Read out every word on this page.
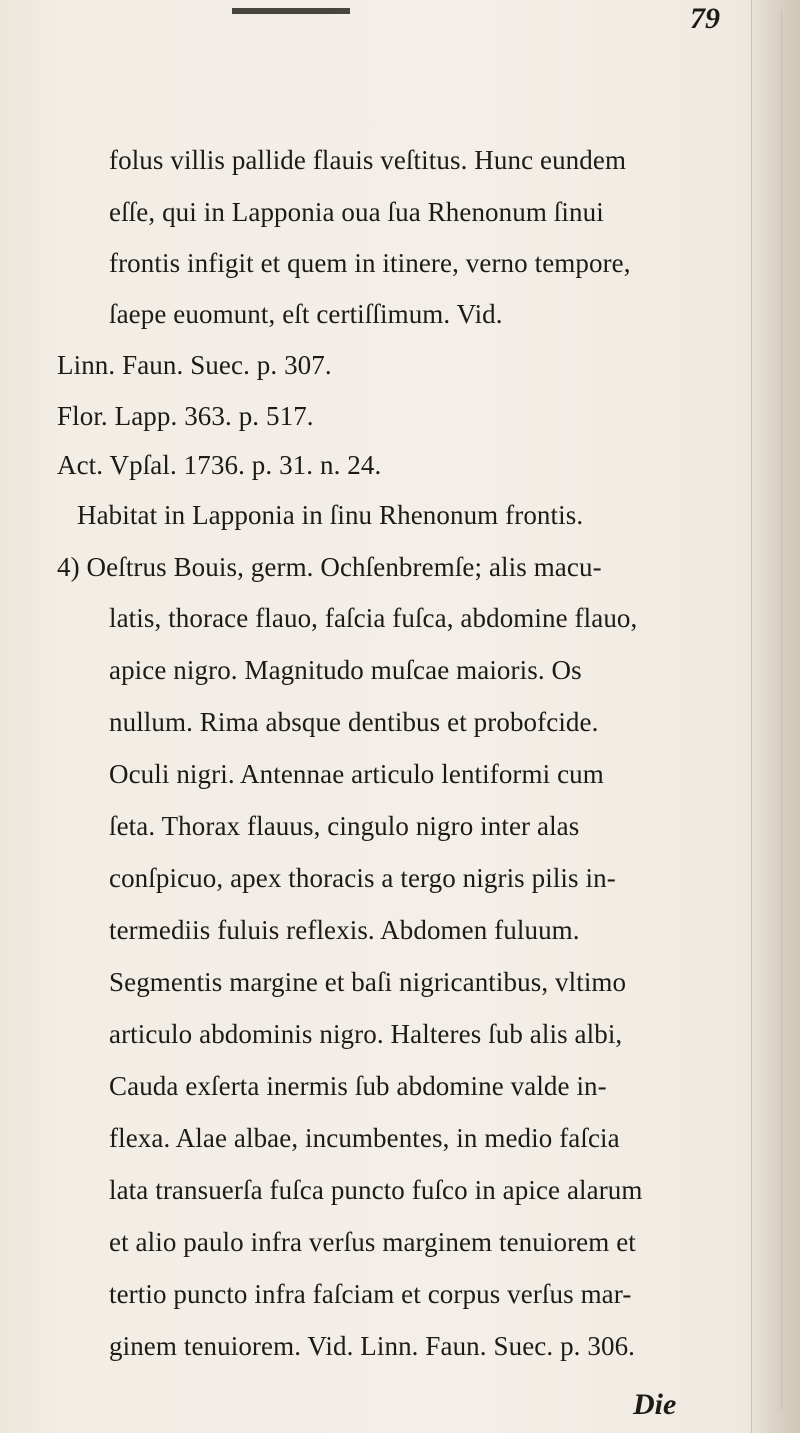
79
folus villis pallide flauis veſtitus. Hunc eundem
eſſe, qui in Lapponia oua ſua Rhenonum ſinui
frontis infigit et quem in itinere, verno tempore,
ſaepe euomunt, eſt certiſſimum. Vid.
Linn. Faun. Suec. p. 307.
Flor. Lapp. 363. p. 517.
Act. Vpſal. 1736. p. 31. n. 24.
Habitat in Lapponia in ſinu Rhenonum frontis.
4) Oeſtrus Bouis, germ. Ochſenbremſe; alis macu-
latis, thorace flauo, faſcia fuſca, abdomine flauo,
apice nigro. Magnitudo muſcae maioris. Os
nullum. Rima absque dentibus et probofcide.
Oculi nigri. Antennae articulo lentiformi cum
ſeta. Thorax flauus, cingulo nigro inter alas
conſpicuo, apex thoracis a tergo nigris pilis in-
termediis fuluis reflexis. Abdomen fuluum.
Segmentis margine et baſi nigricantibus, vltimo
articulo abdominis nigro. Halteres ſub alis albi,
Cauda exſerta inermis ſub abdomine valde in-
flexa. Alae albae, incumbentes, in medio faſcia
lata transuerſa fuſca puncto fuſco in apice alarum
et alio paulo infra verſus marginem tenuiorem et
tertio puncto infra faſciam et corpus verſus mar-
ginem tenuiorem. Vid. Linn. Faun. Suec. p. 306.
Die
